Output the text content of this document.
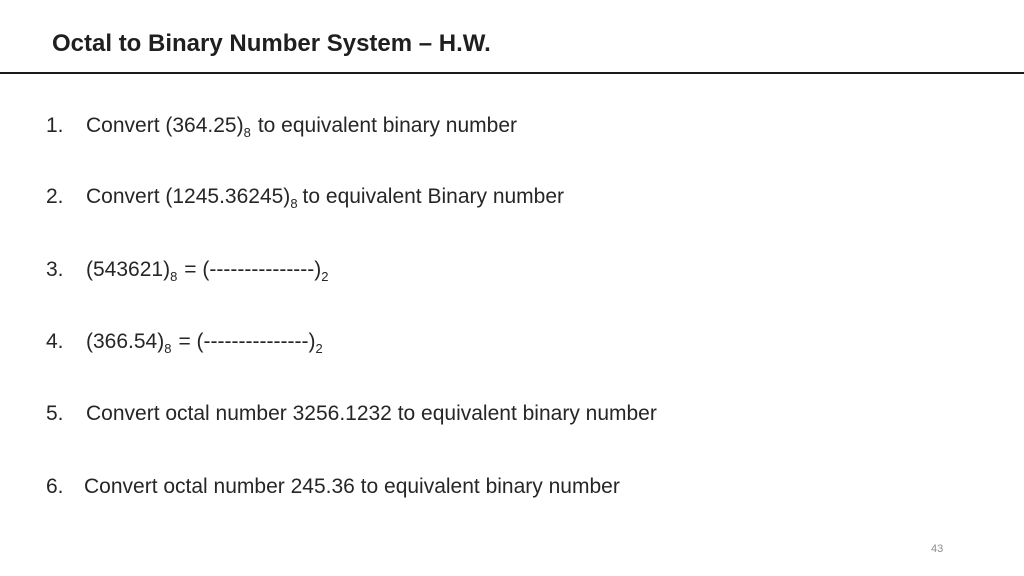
Octal to Binary Number System – H.W.
1. Convert $(364.25)_8$ to equivalent binary number
2. Convert $(1245.36245)_8$ to equivalent Binary number
3. $(543621)_8 = (---------------)_2$
4. $(366.54)_8 = (---------------)_2$
5. Convert octal number 3256.1232 to equivalent binary number
6. Convert octal number 245.36 to equivalent binary number
43
